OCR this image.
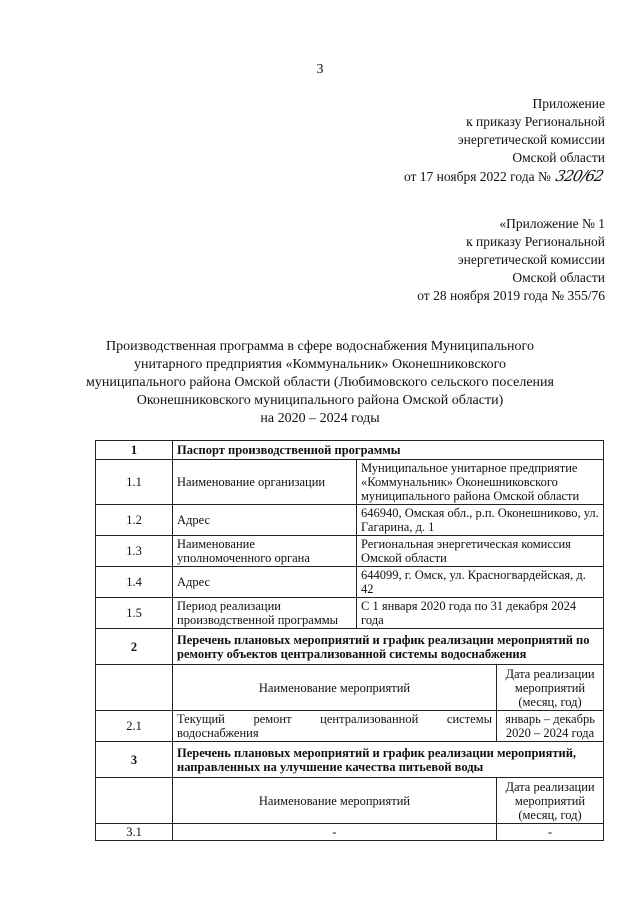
3
Приложение
к приказу Региональной
энергетической комиссии
Омской области
от 17 ноября 2022 года № 320/62
«Приложение № 1
к приказу Региональной
энергетической комиссии
Омской области
от 28 ноября 2019 года № 355/76
Производственная программа в сфере водоснабжения Муниципального
унитарного предприятия «Коммунальник» Оконешниковского
муниципального района Омской области (Любимовского сельского поселения
Оконешниковского муниципального района Омской области)
на 2020 – 2024 годы
1	Паспорт производственной программы		
1.1	Наименование организации	Муниципальное унитарное предприятие «Коммунальник» Оконешниковского муниципального района Омской области	
1.2	Адрес	646940, Омская обл., р.п. Оконешниково, ул. Гагарина, д. 1	
1.3	Наименование уполномоченного органа	Региональная энергетическая комиссия Омской области	
1.4	Адрес	644099, г. Омск, ул. Красногвардейская, д. 42	
1.5	Период реализации производственной программы	С 1 января 2020 года по 31 декабря 2024 года	
2	Перечень плановых мероприятий и график реализации мероприятий по ремонту объектов централизованной системы водоснабжения		
	Наименование мероприятий		Дата реализации мероприятий (месяц, год)
2.1	Текущий ремонт централизованной системы водоснабжения		январь – декабрь 2020 – 2024 года
3	Перечень плановых мероприятий и график реализации мероприятий, направленных на улучшение качества питьевой воды		
	Наименование мероприятий		Дата реализации мероприятий (месяц, год)
3.1	-		-
